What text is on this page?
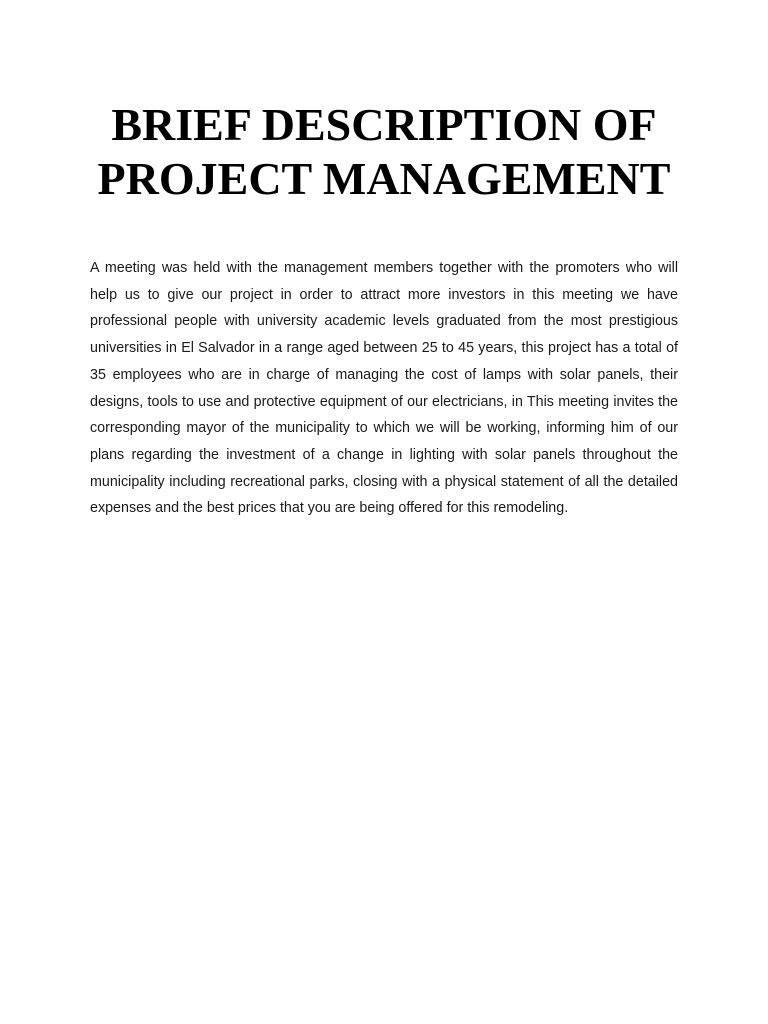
BRIEF DESCRIPTION OF
PROJECT MANAGEMENT

A meeting was held with the management members together with the promoters who will help us to give our project in order to attract more investors in this meeting we have professional people with university academic levels graduated from the most prestigious universities in El Salvador in a range aged between 25 to 45 years, this project has a total of 35 employees who are in charge of managing the cost of lamps with solar panels, their designs, tools to use and protective equipment of our electricians, in This meeting invites the corresponding mayor of the municipality to which we will be working, informing him of our plans regarding the investment of a change in lighting with solar panels throughout the municipality including recreational parks, closing with a physical statement of all the detailed expenses and the best prices that you are being offered for this remodeling.
